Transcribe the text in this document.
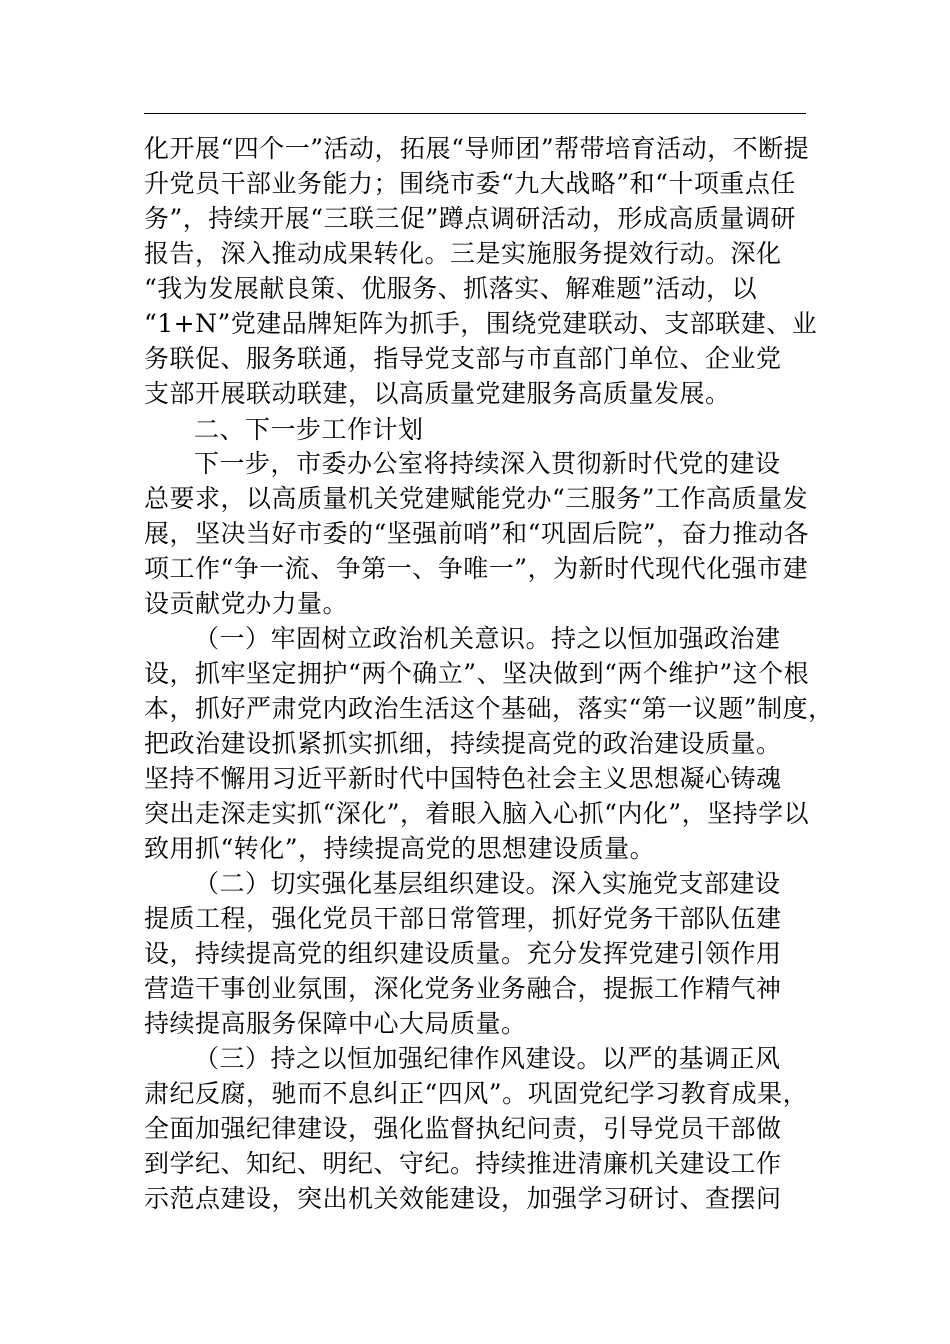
化开展“四个一”活动，拓展“导师团”帮带培育活动，不断提
升党员干部业务能力；围绕市委“九大战略”和“十项重点任
务”，持续开展“三联三促”蹲点调研活动，形成高质量调研
报告，深入推动成果转化。三是实施服务提效行动。深化
“我为发展献良策、优服务、抓落实、解难题”活动，以
“1+N”党建品牌矩阵为抓手，围绕党建联动、支部联建、业
务联促、服务联通，指导党支部与市直部门单位、企业党
支部开展联动联建，以高质量党建服务高质量发展。
二、下一步工作计划
下一步，市委办公室将持续深入贯彻新时代党的建设
总要求，以高质量机关党建赋能党办“三服务”工作高质量发
展，坚决当好市委的“坚强前哨”和“巩固后院”，奋力推动各
项工作“争一流、争第一、争唯一”，为新时代现代化强市建
设贡献党办力量。
（一）牢固树立政治机关意识。持之以恒加强政治建
设，抓牢坚定拥护“两个确立”、坚决做到“两个维护”这个根
本，抓好严肃党内政治生活这个基础，落实“第一议题”制度，
把政治建设抓紧抓实抓细，持续提高党的政治建设质量。
坚持不懈用习近平新时代中国特色社会主义思想凝心铸魂
突出走深走实抓“深化”，着眼入脑入心抓“内化”，坚持学以
致用抓“转化”，持续提高党的思想建设质量。
（二）切实强化基层组织建设。深入实施党支部建设
提质工程，强化党员干部日常管理，抓好党务干部队伍建
设，持续提高党的组织建设质量。充分发挥党建引领作用
营造干事创业氛围，深化党务业务融合，提振工作精气神
持续提高服务保障中心大局质量。
（三）持之以恒加强纪律作风建设。以严的基调正风
肃纪反腐，驰而不息纠正“四风”。巩固党纪学习教育成果，
全面加强纪律建设，强化监督执纪问责，引导党员干部做
到学纪、知纪、明纪、守纪。持续推进清廉机关建设工作
示范点建设，突出机关效能建设，加强学习研讨、查摆问
